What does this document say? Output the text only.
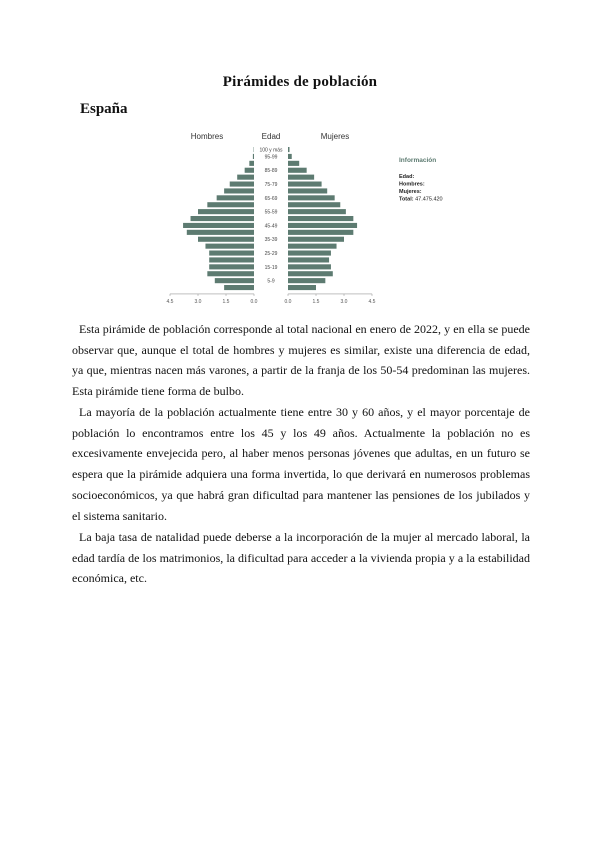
Pirámides de población
España
Hombres	Edad	Mujeres
100 y más
95-99
85-89
75-79
65-69
55-59
45-49
35-39
25-29
15-19
5-9
4.5	3.0	1.5	0.0	0.0	1.5	3.0	4.5
Información
Edad:
Hombres:
Mujeres:
Total: 47.475.420
Esta pirámide de población corresponde al total nacional en enero de 2022, y en ella se puede observar que, aunque el total de hombres y mujeres es similar, existe una diferencia de edad, ya que, mientras nacen más varones, a partir de la franja de los 50-54 predominan las mujeres. Esta pirámide tiene forma de bulbo.
La mayoría de la población actualmente tiene entre 30 y 60 años, y el mayor porcentaje de población lo encontramos entre los 45 y los 49 años. Actualmente la población no es excesivamente envejecida pero, al haber menos personas jóvenes que adultas, en un futuro se espera que la pirámide adquiera una forma invertida, lo que derivará en numerosos problemas socioeconómicos, ya que habrá gran dificultad para mantener las pensiones de los jubilados y el sistema sanitario.
La baja tasa de natalidad puede deberse a la incorporación de la mujer al mercado laboral, la edad tardía de los matrimonios, la dificultad para acceder a la vivienda propia y a la estabilidad económica, etc.
